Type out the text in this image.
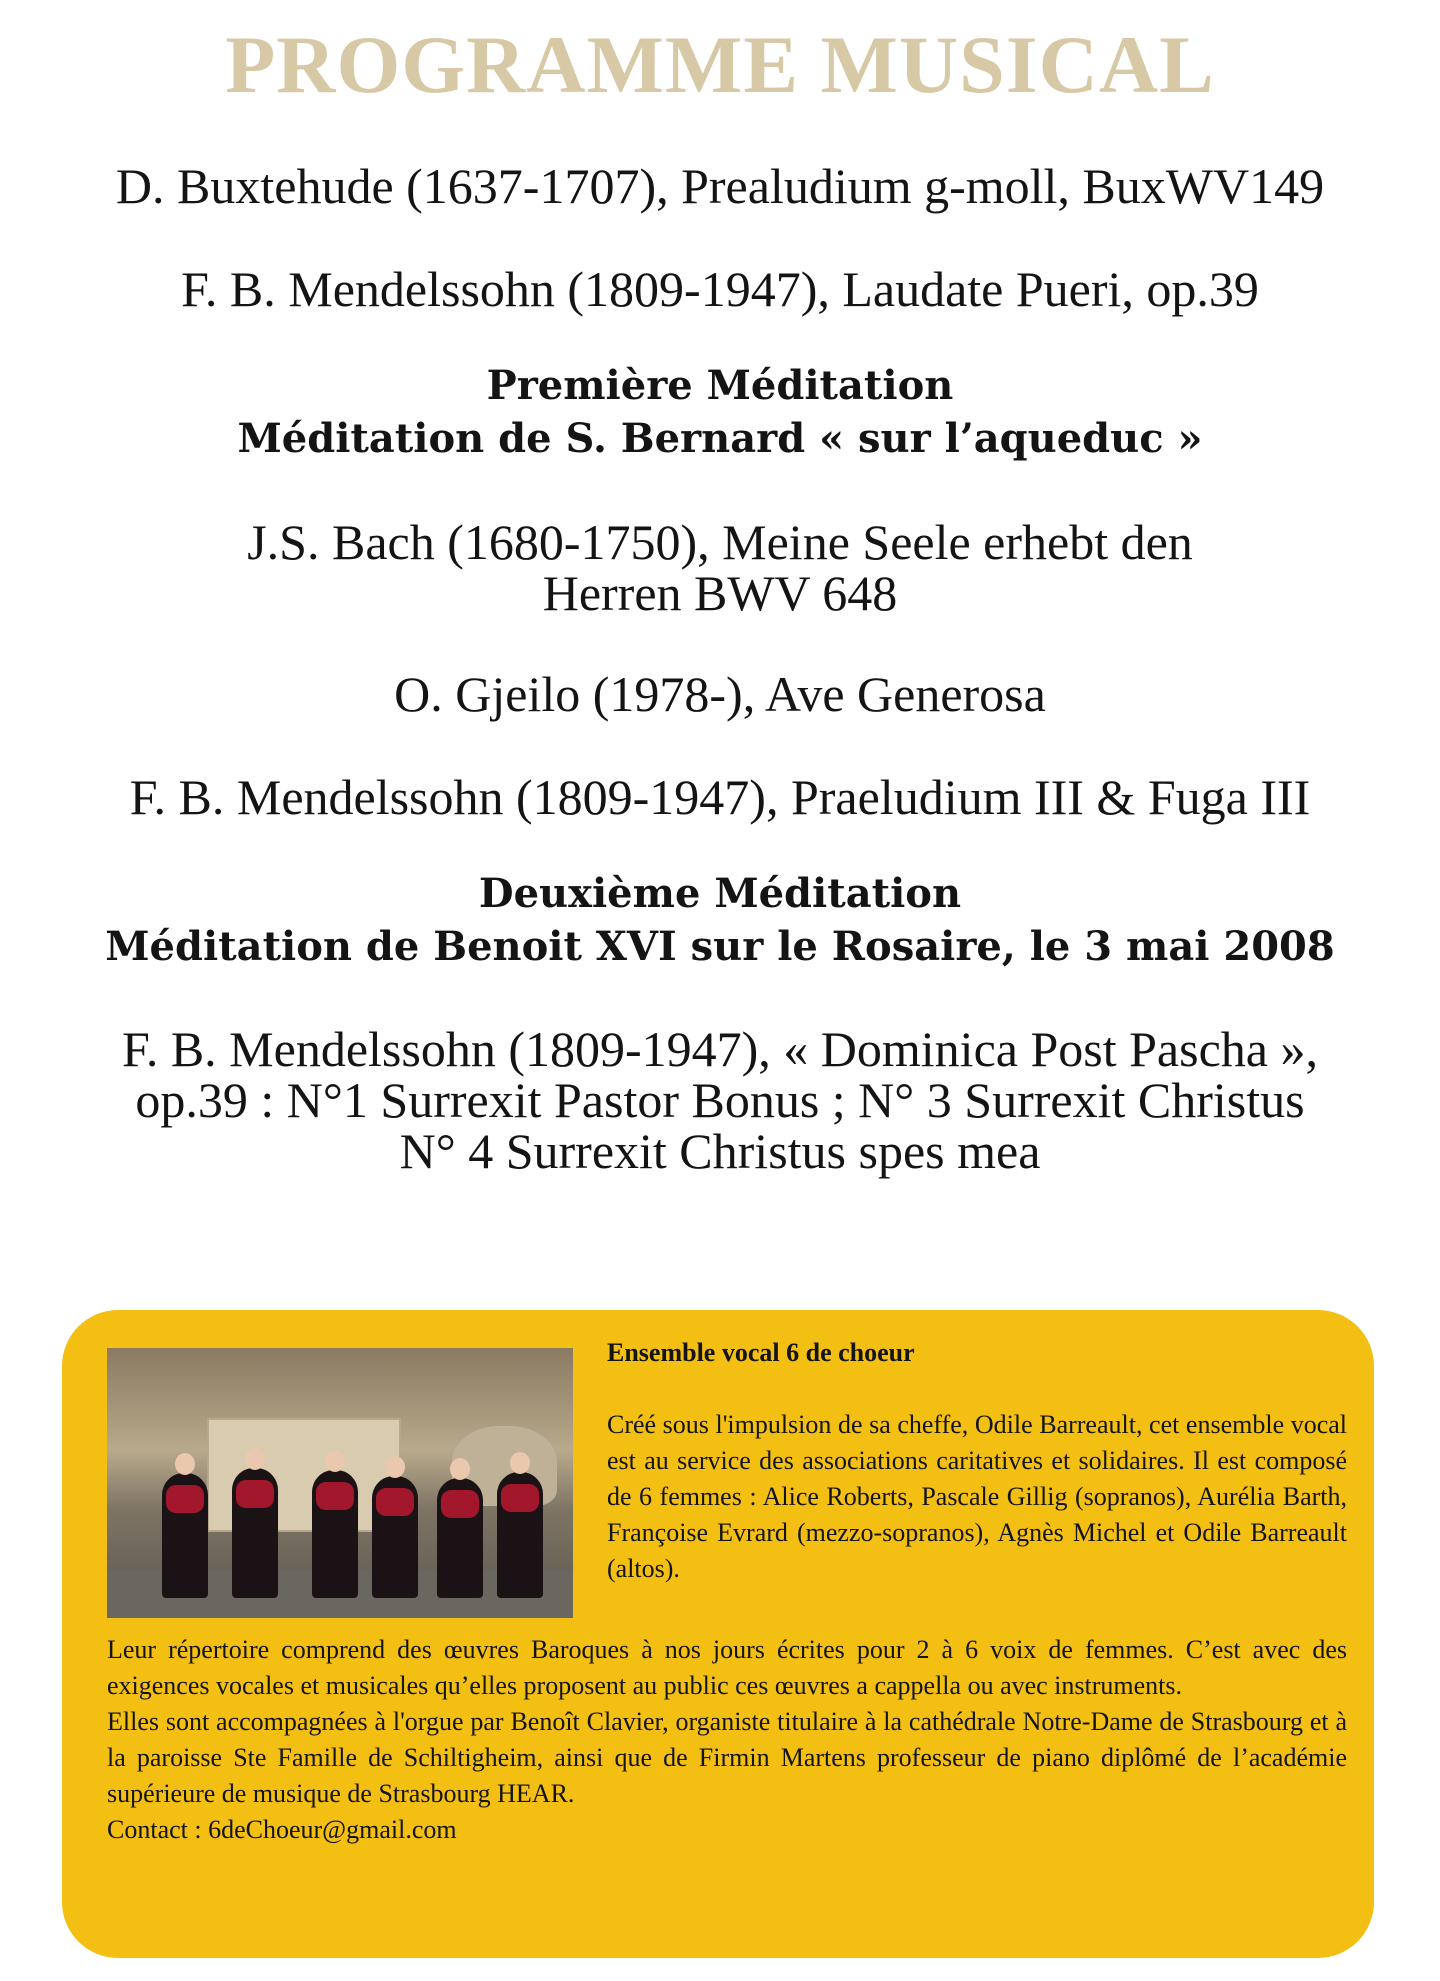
PROGRAMME MUSICAL
D. Buxtehude (1637-1707), Prealudium g-moll, BuxWV149
F. B. Mendelssohn (1809-1947), Laudate Pueri, op.39
Première Méditation
Méditation de S. Bernard « sur l’aqueduc »
J.S. Bach (1680-1750), Meine Seele erhebt den
Herren BWV 648
O. Gjeilo (1978-), Ave Generosa
F. B. Mendelssohn (1809-1947), Praeludium III & Fuga III
Deuxième Méditation
Méditation de Benoit XVI sur le Rosaire, le 3 mai 2008
F. B. Mendelssohn (1809-1947), « Dominica Post Pascha »,
op.39 : N°1 Surrexit Pastor Bonus ; N° 3 Surrexit Christus
N° 4 Surrexit Christus spes mea
Ensemble vocal 6 de choeur
Créé sous l'impulsion de sa cheffe, Odile Barreault, cet ensemble vocal est au service des associations caritatives et solidaires. Il est composé de 6 femmes : Alice Roberts, Pascale Gillig (sopranos), Aurélia Barth, Françoise Evrard (mezzo-sopranos), Agnès Michel et Odile Barreault (altos).

Leur répertoire comprend des œuvres Baroques à nos jours écrites pour 2 à 6 voix de femmes. C’est avec des exigences vocales et musicales qu’elles proposent au public ces œuvres a cappella ou avec instruments.

Elles sont accompagnées à l'orgue par Benoît Clavier, organiste titulaire à la cathédrale Notre-Dame de Strasbourg et à la paroisse Ste Famille de Schiltigheim, ainsi que de Firmin Martens professeur de piano diplômé de l’académie supérieure de musique de Strasbourg HEAR.

Contact : 6deChoeur@gmail.com
